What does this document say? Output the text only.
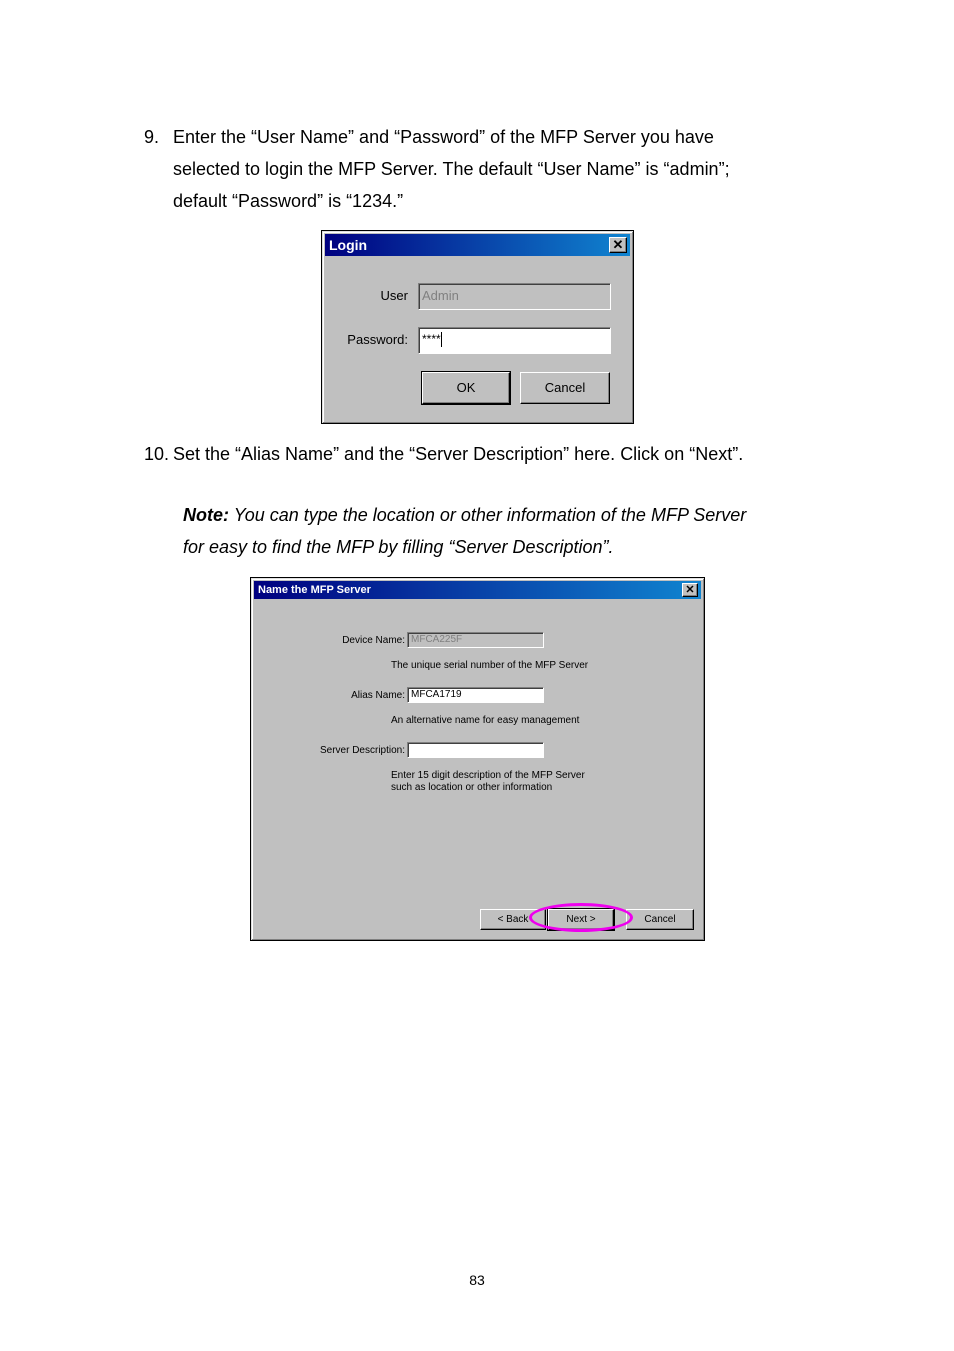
9. Enter the “User Name” and “Password” of the MFP Server you have
selected to login the MFP Server. The default “User Name” is “admin”;
default “Password” is “1234.”
Login	✕
User	Admin
Password:	****
OK	Cancel
10. Set the “Alias Name” and the “Server Description” here. Click on “Next”.
Note: You can type the location or other information of the MFP Server
for easy to find the MFP by filling “Server Description”.
Name the MFP Server	✕
Device Name: MFCA225F
The unique serial number of the MFP Server
Alias Name: MFCA1719
An alternative name for easy management
Server Description:
Enter 15 digit description of the MFP Server
such as location or other information
< Back	Next >	Cancel
83
